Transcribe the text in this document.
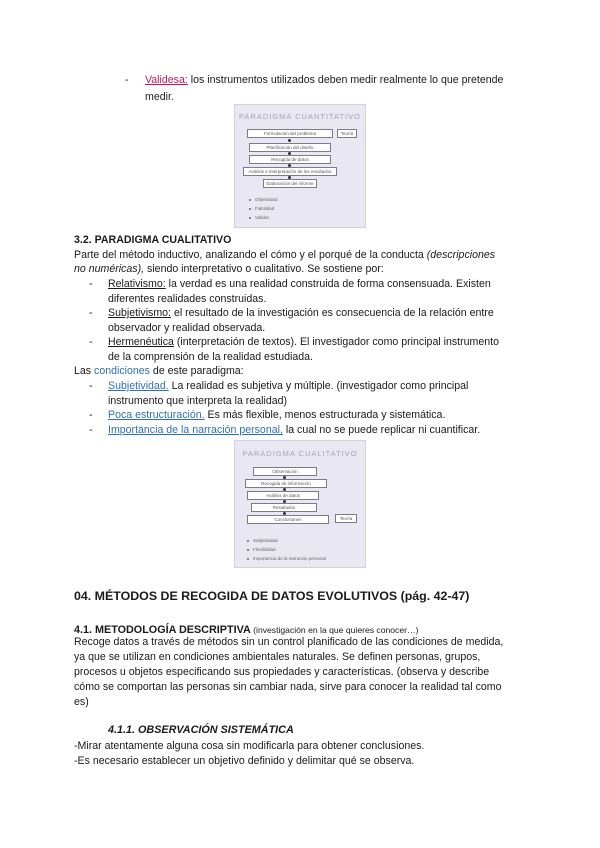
-	Validesa: los instrumentos utilizados deben medir realmente lo que pretende
medir.
PARADIGMA CUANTITATIVO
Formulación del problema
Planificación del diseño
Recogida de datos
Análisis e interpretación de los resultados
Elaboración del informe
Teoría
Objetividad
Fiabilidad
Validez
3.2. PARADIGMA CUALITATIVO
Parte del método inductivo, analizando el cómo y el porqué de la conducta (descripciones
no numéricas), siendo interpretativo o cualitativo. Se sostiene por:
-	Relativismo: la verdad es una realidad construida de forma consensuada. Existen
diferentes realidades construidas.
-	Subjetivismo: el resultado de la investigación es consecuencia de la relación entre
observador y realidad observada.
-	Hermenéutica (interpretación de textos). El investigador como principal instrumento
de la comprensión de la realidad estudiada.
Las condiciones de este paradigma:
-	Subjetividad. La realidad es subjetiva y múltiple. (investigador como principal
instrumento que interpreta la realidad)
-	Poca estructuración. Es más flexible, menos estructurada y sistemática.
-	Importancia de la narración personal, la cual no se puede replicar ni cuantificar.
PARADIGMA CUALITATIVO
Observación
Recogida de información
Análisis de datos
Resultados
Conclusiones	Teoría
Subjetividad
Flexibilidad
Importancia de la narración personal
04. MÉTODOS DE RECOGIDA DE DATOS EVOLUTIVOS (pág. 42-47)
4.1. METODOLOGÍA DESCRIPTIVA (investigación en la que quieres conocer…)
Recoge datos a través de métodos sin un control planificado de las condiciones de medida,
ya que se utilizan en condiciones ambientales naturales. Se definen personas, grupos,
procesos u objetos especificando sus propiedades y características. (observa y describe
cómo se comportan las personas sin cambiar nada, sirve para conocer la realidad tal como
es)
4.1.1. OBSERVACIÓN SISTEMÁTICA
-Mirar atentamente alguna cosa sin modificarla para obtener conclusiones.
-Es necesario establecer un objetivo definido y delimitar qué se observa.
